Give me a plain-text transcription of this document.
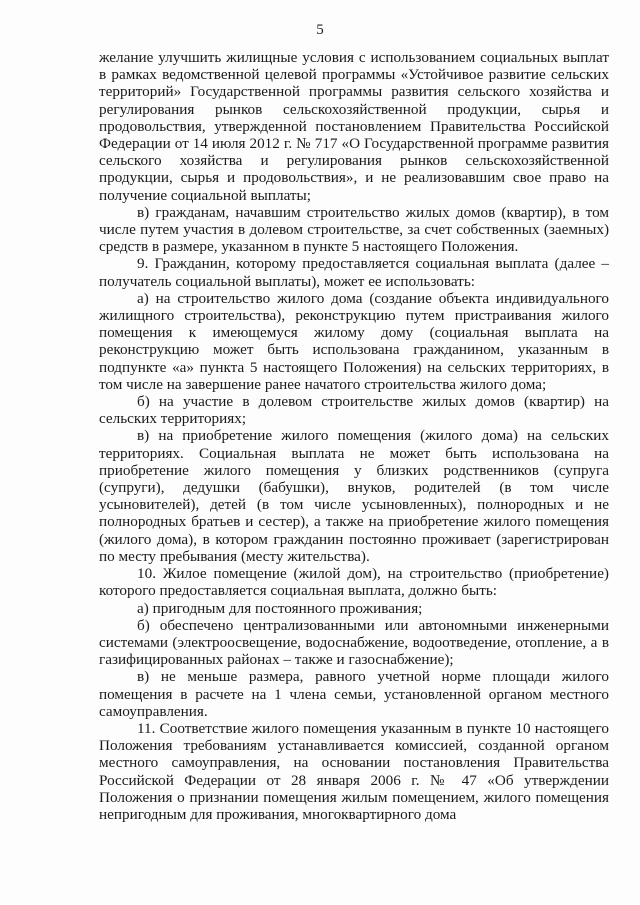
5

желание улучшить жилищные условия с использованием социальных выплат в рамках ведомственной целевой программы «Устойчивое развитие сельских территорий» Государственной программы развития сельского хозяйства и регулирования рынков сельскохозяйственной продукции, сырья и продовольствия, утвержденной постановлением Правительства Российской Федерации от 14 июля 2012 г. № 717 «О Государственной программе развития сельского хозяйства и регулирования рынков сельскохозяйственной продукции, сырья и продовольствия», и не реализовавшим свое право на получение социальной выплаты;

в) гражданам, начавшим строительство жилых домов (квартир), в том числе путем участия в долевом строительстве, за счет собственных (заемных) средств в размере, указанном в пункте 5 настоящего Положения.

9. Гражданин, которому предоставляется социальная выплата (далее – получатель социальной выплаты), может ее использовать:

а) на строительство жилого дома (создание объекта индивидуального жилищного строительства), реконструкцию путем пристраивания жилого помещения к имеющемуся жилому дому (социальная выплата на реконструкцию может быть использована гражданином, указанным в подпункте «а» пункта 5 настоящего Положения) на сельских территориях, в том числе на завершение ранее начатого строительства жилого дома;

б) на участие в долевом строительстве жилых домов (квартир) на сельских территориях;

в) на приобретение жилого помещения (жилого дома) на сельских территориях. Социальная выплата не может быть использована на приобретение жилого помещения у близких родственников (супруга (супруги), дедушки (бабушки), внуков, родителей (в том числе усыновителей), детей (в том числе усыновленных), полнородных и не полнородных братьев и сестер), а также на приобретение жилого помещения (жилого дома), в котором гражданин постоянно проживает (зарегистрирован по месту пребывания (месту жительства).

10. Жилое помещение (жилой дом), на строительство (приобретение) которого предоставляется социальная выплата, должно быть:

а) пригодным для постоянного проживания;

б) обеспечено централизованными или автономными инженерными системами (электроосвещение, водоснабжение, водоотведение, отопление, а в газифицированных районах – также и газоснабжение);

в) не меньше размера, равного учетной норме площади жилого помещения в расчете на 1 члена семьи, установленной органом местного самоуправления.

11. Соответствие жилого помещения указанным в пункте 10 настоящего Положения требованиям устанавливается комиссией, созданной органом местного самоуправления, на основании постановления Правительства Российской Федерации от 28 января 2006 г. № 47 «Об утверждении Положения о признании помещения жилым помещением, жилого помещения непригодным для проживания, многоквартирного дома
